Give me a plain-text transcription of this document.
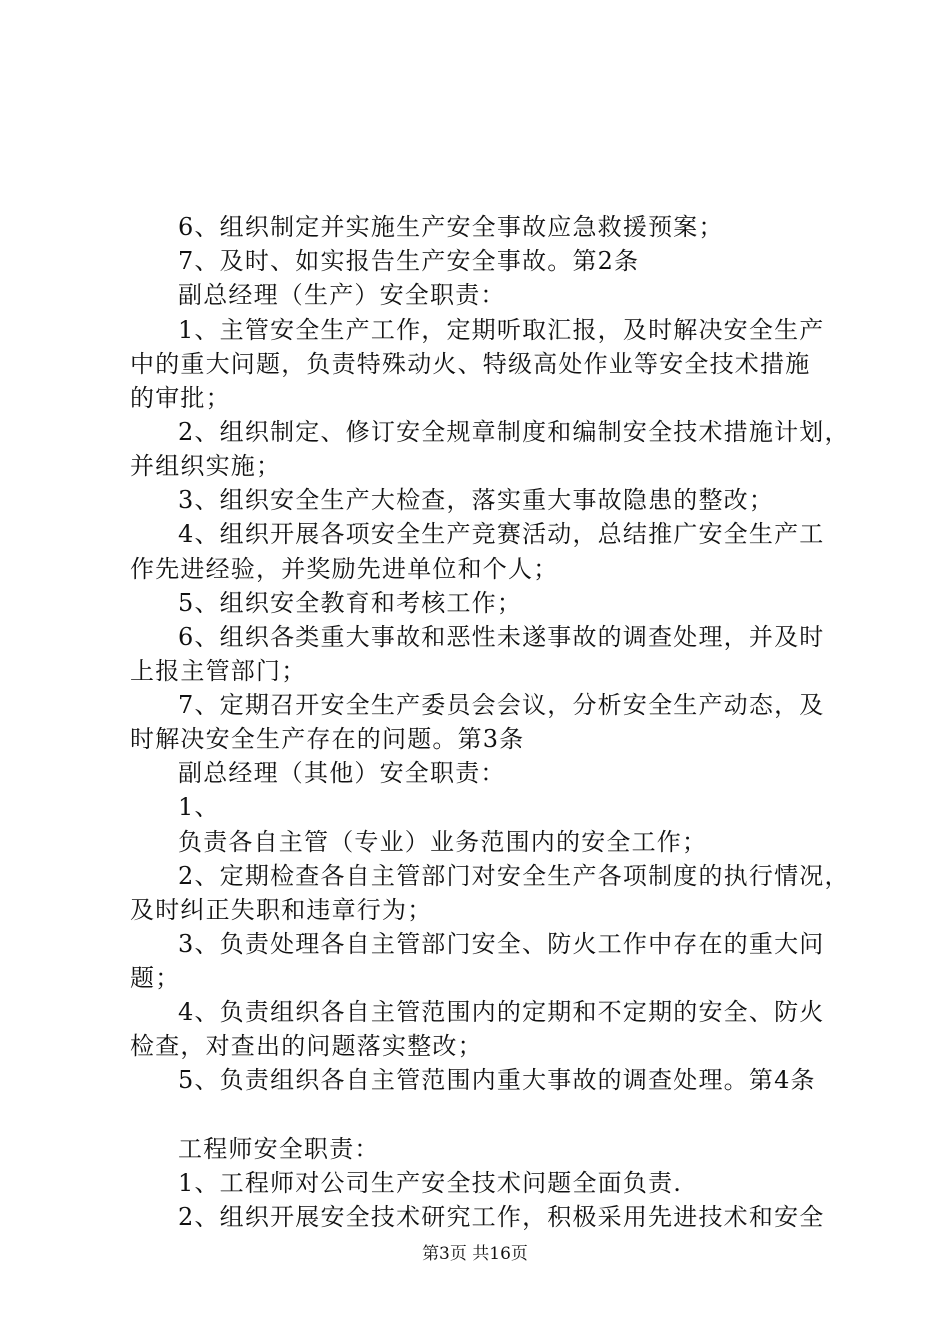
6、组织制定并实施生产安全事故应急救援预案；
7、及时、如实报告生产安全事故。第2条
副总经理（生产）安全职责：
1、主管安全生产工作，定期听取汇报，及时解决安全生产
中的重大问题，负责特殊动火、特级高处作业等安全技术措施
的审批；
2、组织制定、修订安全规章制度和编制安全技术措施计划，
并组织实施；
3、组织安全生产大检查，落实重大事故隐患的整改；
4、组织开展各项安全生产竞赛活动，总结推广安全生产工
作先进经验，并奖励先进单位和个人；
5、组织安全教育和考核工作；
6、组织各类重大事故和恶性未遂事故的调查处理，并及时
上报主管部门；
7、定期召开安全生产委员会会议，分析安全生产动态，及
时解决安全生产存在的问题。第3条
副总经理（其他）安全职责：
1、
负责各自主管（专业）业务范围内的安全工作；
2、定期检查各自主管部门对安全生产各项制度的执行情况，
及时纠正失职和违章行为；
3、负责处理各自主管部门安全、防火工作中存在的重大问
题；
4、负责组织各自主管范围内的定期和不定期的安全、防火
检查，对查出的问题落实整改；
5、负责组织各自主管范围内重大事故的调查处理。第4条
工程师安全职责：
1、工程师对公司生产安全技术问题全面负责.
2、组织开展安全技术研究工作，积极采用先进技术和安全
第3页 共16页
